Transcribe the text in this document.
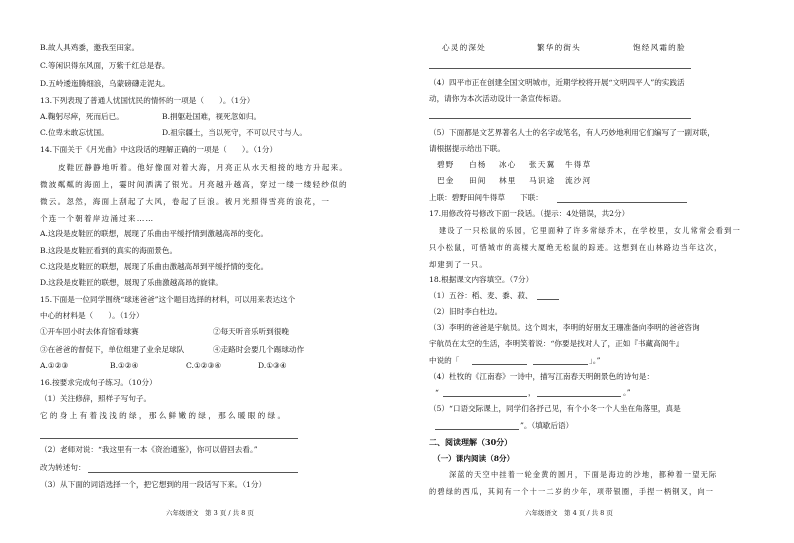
B.故人具鸡黍，邀我至田家。
C.等闲识得东风面，万紫千红总是春。
D.五岭逶迤腾细浪，乌蒙磅礴走泥丸。
13.下列表现了普通人忧国忧民的情怀的一项是（　　）。（1分）
A.鞠躬尽瘁，死而后已。	B.捐躯赴国难，视死忽如归。
C.位卑未敢忘忧国。	D.祖宗疆土，当以死守，不可以尺寸与人。
14.下面关于《月光曲》中这段话的理解正确的一项是（　　）。（1分）
皮鞋匠静静地听着。他好像面对着大海，月亮正从水天相接的地方升起来。
微波粼粼的海面上，霎时间洒满了银光。月亮越升越高，穿过一缕一缕轻纱似的
微云。忽然，海面上刮起了大风，卷起了巨浪。被月光照得雪亮的浪花，一
个连一个朝着岸边涌过来……
A.这段是皮鞋匠的联想，展现了乐曲由平缓抒情到激越高昂的变化。
B.这段是皮鞋匠看到的真实的海面景色。
C.这段是皮鞋匠的联想，展现了乐曲由激越高昂到平缓抒情的变化。
D.这段是皮鞋匠的联想，展现了乐曲激越高昂的旋律。
15.下面是一位同学围绕“球迷爸爸”这个题目选择的材料，可以用来表达这个
中心的材料是（　　）。（1分）
①开车回小时去体育馆看球赛	②每天听音乐听到很晚
③在爸爸的督促下，单位组建了业余足球队	④走路时会要几个踢球动作
A.①②③	B.①②④	C.①②③④	D.①③④
16.按要求完成句子练习。（10分）
（1）关注修辞，照样子写句子。
它的身上有着浅浅的绿，那么鲜嫩的绿，那么暖眼的绿。
（2）老师对说：“我这里有一本《资治通鉴》，你可以借回去看。”
改为转述句：
（3）从下面的词语选择一个，把它想到的用一段话写下来。（1分）
六年级语文　第 3 页 / 共 8 页
心灵的深处	繁华的街头	饱经风霜的脸
（4）四平市正在创建全国文明城市，近期学校将开展“文明四平人”的实践活
动，请你为本次活动设计一条宣传标语。
（5）下面都是文艺界著名人士的名字或笔名，有人巧妙地利用它们编写了一副对联，
请根据提示给出下联。
碧野 白杨 冰心 张天翼 牛得草
巴金 田间 林里 马识途 流沙河
上联：碧野田间牛得草　　下联：
17.用修改符号修改下面一段话。（提示：4处错误，共2分）
建设了一只松鼠的乐园，它里面种了许多常绿乔木，在学校里，女儿常常会看到一
只小松鼠，可惜城市的高楼大厦绝无松鼠的踪迹。这想到在山林路边当年这次，
却建到了一只。
18.根据课文内容填空。（7分）
（1）五谷：稻、麦、黍、菽、
（2）旧时李白杜边。
（3）李明的爸爸是宇航员。这个周末，李明的好朋友王珊准备向李明的爸爸咨询
宇航员在太空的生活，李明笑着说：“你要是找对人了，正如『书藏高阁牛』
中说的「	」。”
（4）杜牧的《江南春》一诗中，描写江南春天明朗景色的诗句是：
“	，	。”
（5）“口语交际课上，同学们各抒己见，有个小冬一个人坐在角落里，真是
”。（填歇后语）
二、阅读理解（30分）
（一）课内阅读（8分）
深蓝的天空中挂着一轮金黄的圆月，下面是海边的沙地，都种着一望无际
的碧绿的西瓜，其间有一个十一二岁的少年，项带银圈，手捏一柄钢叉，向一
六年级语文　第 4 页 / 共 8 页
